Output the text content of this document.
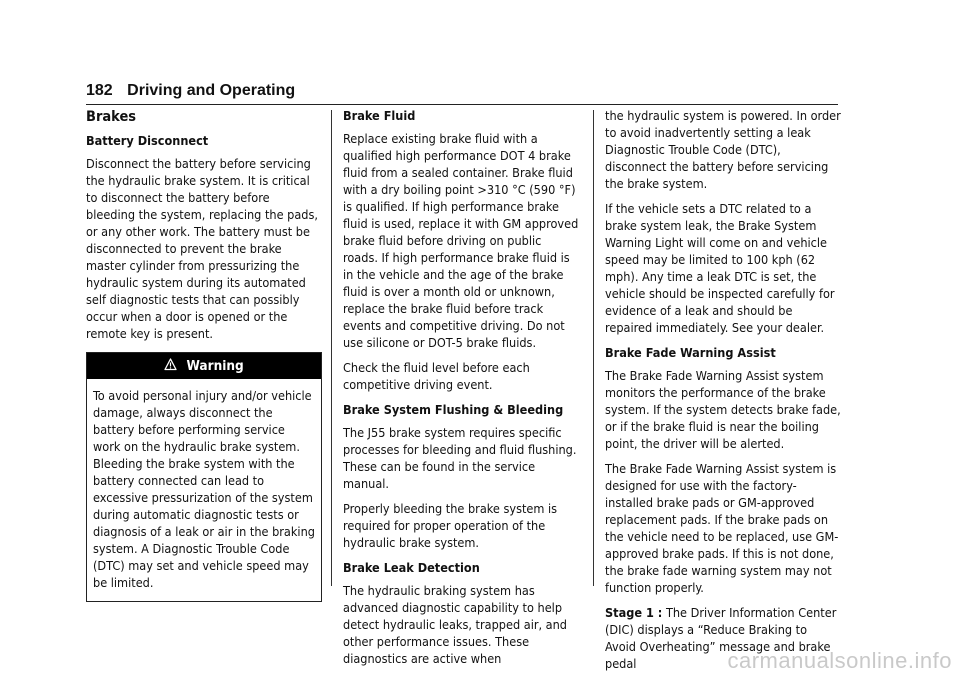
182 Driving and Operating
Brakes
Battery Disconnect

Disconnect the battery before servicing the hydraulic brake system. It is critical to disconnect the battery before bleeding the system, replacing the pads, or any other work. The battery must be disconnected to prevent the brake master cylinder from pressurizing the hydraulic system during its automated self diagnostic tests that can possibly occur when a door is opened or the remote key is present.

Warning
To avoid personal injury and/or vehicle damage, always disconnect the battery before performing service work on the hydraulic brake system. Bleeding the brake system with the battery connected can lead to excessive pressurization of the system during automatic diagnostic tests or diagnosis of a leak or air in the braking system. A Diagnostic Trouble Code (DTC) may set and vehicle speed may be limited.
Brake Fluid

Replace existing brake fluid with a qualified high performance DOT 4 brake fluid from a sealed container. Brake fluid with a dry boiling point >310 °C (590 °F) is qualified. If high performance brake fluid is used, replace it with GM approved brake fluid before driving on public roads. If high performance brake fluid is in the vehicle and the age of the brake fluid is over a month old or unknown, replace the brake fluid before track events and competitive driving. Do not use silicone or DOT-5 brake fluids.

Check the fluid level before each competitive driving event.

Brake System Flushing & Bleeding

The J55 brake system requires specific processes for bleeding and fluid flushing. These can be found in the service manual.

Properly bleeding the brake system is required for proper operation of the hydraulic brake system.

Brake Leak Detection

The hydraulic braking system has advanced diagnostic capability to help detect hydraulic leaks, trapped air, and other performance issues. These diagnostics are active when

the hydraulic system is powered. In order to avoid inadvertently setting a leak Diagnostic Trouble Code (DTC), disconnect the battery before servicing the brake system.

If the vehicle sets a DTC related to a brake system leak, the Brake System Warning Light will come on and vehicle speed may be limited to 100 kph (62 mph). Any time a leak DTC is set, the vehicle should be inspected carefully for evidence of a leak and should be repaired immediately. See your dealer.

Brake Fade Warning Assist

The Brake Fade Warning Assist system monitors the performance of the brake system. If the system detects brake fade, or if the brake fluid is near the boiling point, the driver will be alerted.

The Brake Fade Warning Assist system is designed for use with the factory-installed brake pads or GM-approved replacement pads. If the brake pads on the vehicle need to be replaced, use GM-approved brake pads. If this is not done, the brake fade warning system may not function properly.

Stage 1 : The Driver Information Center (DIC) displays a “Reduce Braking to Avoid Overheating” message and brake pedal	carmanualsonline.info
